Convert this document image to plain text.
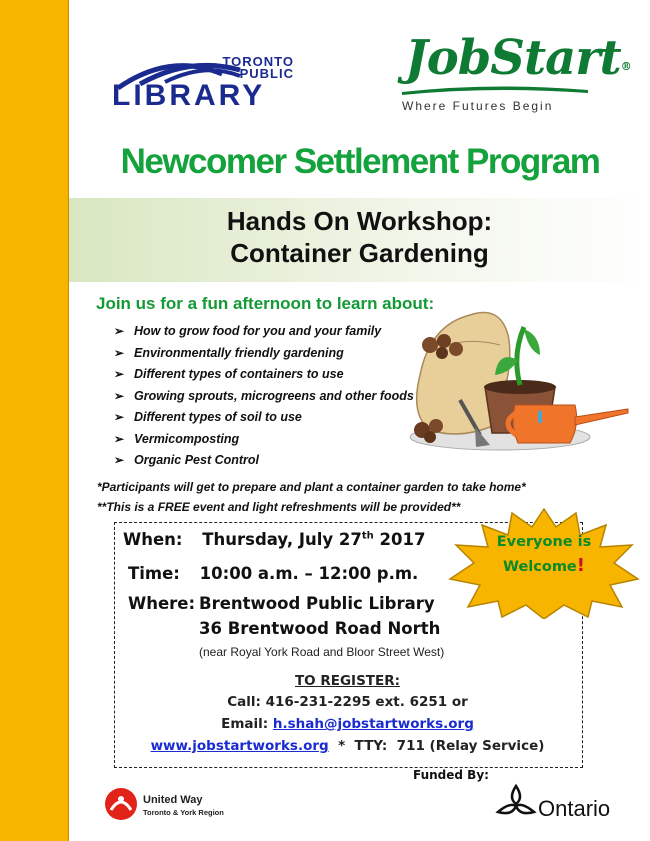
TORONTO
PUBLIC
LIBRARY
JobStart®
Where Futures Begin
Newcomer Settlement Program
Hands On Workshop:
Container Gardening
Join us for a fun afternoon to learn about:
➢ How to grow food for you and your family
➢ Environmentally friendly gardening
➢ Different types of containers to use
➢ Growing sprouts, microgreens and other foods
➢ Different types of soil to use
➢ Vermicomposting
➢ Organic Pest Control
*Participants will get to prepare and plant a container garden to take home*
**This is a FREE event and light refreshments will be provided**
When: Thursday, July 27th 2017
Time: 10:00 a.m. – 12:00 p.m.
Where: Brentwood Public Library
36 Brentwood Road North
(near Royal York Road and Bloor Street West)
TO REGISTER:
Call: 416-231-2295 ext. 6251 or
Email: h.shah@jobstartworks.org
www.jobstartworks.org  *  TTY:  711 (Relay Service)
Everyone is
Welcome!
Funded By:
United Way
Toronto & York Region	Ontario
